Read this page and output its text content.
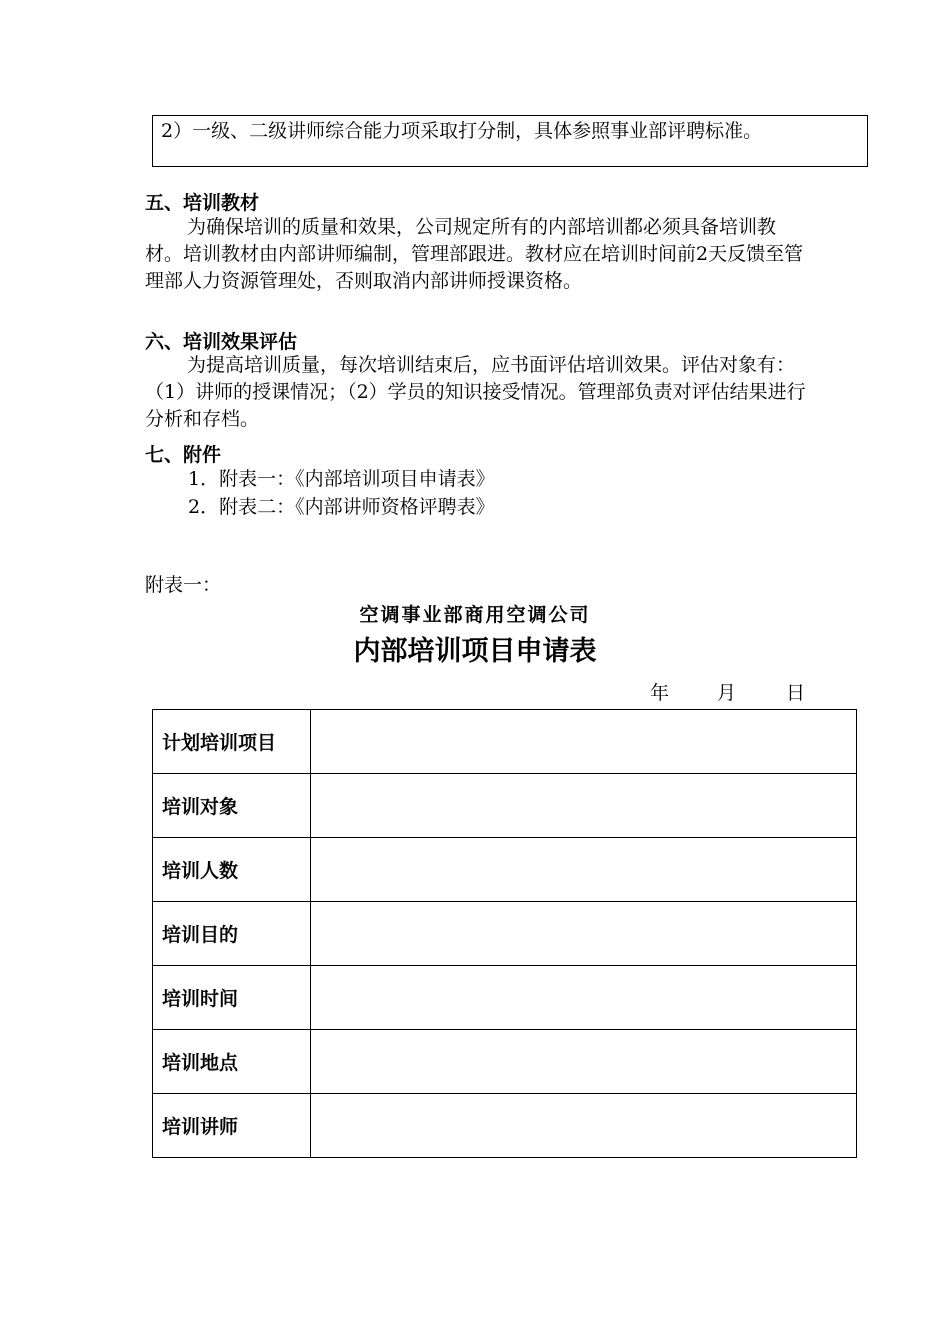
2）一级、二级讲师综合能力项采取打分制，具体参照事业部评聘标准。
五、培训教材
为确保培训的质量和效果，公司规定所有的内部培训都必须具备培训教材。培训教材由内部讲师编制，管理部跟进。教材应在培训时间前2天反馈至管理部人力资源管理处，否则取消内部讲师授课资格。
六、培训效果评估
为提高培训质量，每次培训结束后，应书面评估培训效果。评估对象有：（1）讲师的授课情况；（2）学员的知识接受情况。管理部负责对评估结果进行分析和存档。
七、附件
1．附表一：《内部培训项目申请表》
2．附表二：《内部讲师资格评聘表》
附表一：
空调事业部商用空调公司
内部培训项目申请表
年	月	日
计划培训项目	
培训对象	
培训人数	
培训目的	
培训时间	
培训地点	
培训讲师	
